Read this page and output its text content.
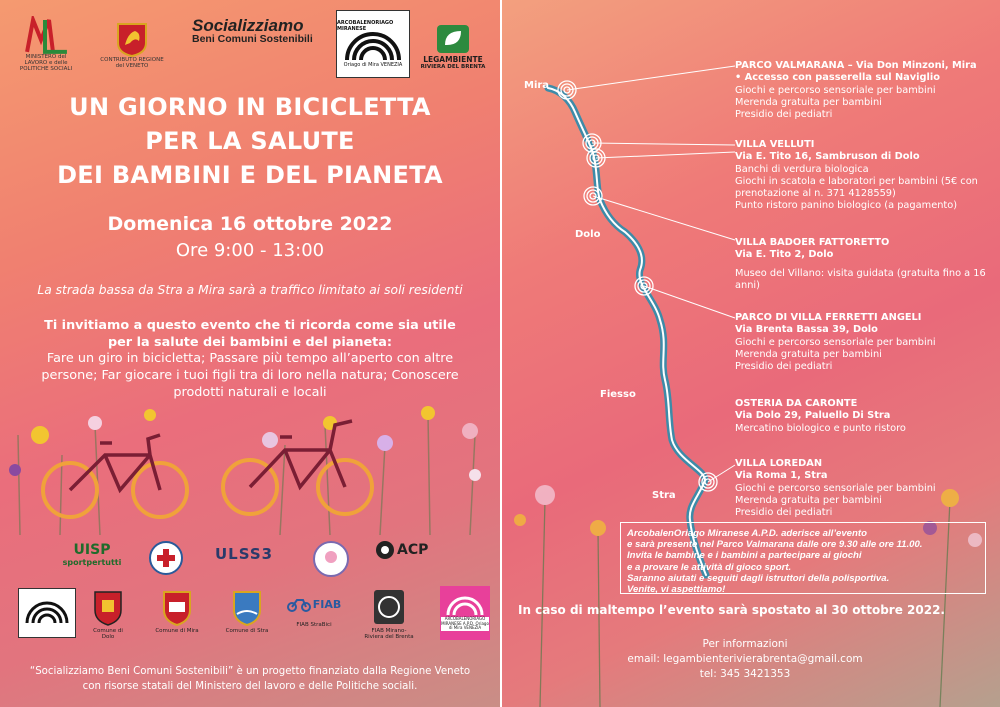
MINISTERO del LAVORO e delle POLITICHE SOCIALI
CONTRIBUTO REGIONE del VENETO
Socializziamo
Beni Comuni Sostenibili
ARCOBALENORIAGO MIRANESE
Oriago di Mira VENEZIA
LEGAMBIENTE
RIVIERA DEL BRENTA
UN GIORNO IN BICICLETTA
PER LA SALUTE
DEI BAMBINI E DEL PIANETA
Domenica 16 ottobre 2022
Ore 9:00 - 13:00
La strada bassa da Stra a Mira sarà a traffico limitato ai soli residenti
Ti invitiamo a questo evento che ti ricorda come sia utile per la salute dei bambini e del pianeta:
Fare un giro in bicicletta; Passare più tempo all’aperto con altre persone; Far giocare i tuoi figli tra di loro nella natura; Conoscere prodotti naturali e locali
UISP
sportpertutti	ULSS3	ACP
Comune di Dolo
Comune di Mira	Comune di Stra
FIAB
FIAB StraBici
FIAB Mirano-Riviera del Brenta
ARCOBALENORIAGO MIRANESE A.P.D. Oriago di Mira VENEZIA
“Socializziamo Beni Comuni Sostenibili” è un progetto finanziato dalla Regione Veneto con risorse statali del Ministero del lavoro e delle Politiche sociali.
Mira
Dolo
Fiesso
Stra
PARCO VALMARANA – Via Don Minzoni, Mira
• Accesso con passerella sul Naviglio
Giochi e percorso sensoriale per bambini
Merenda gratuita per bambini
Presidio dei pediatri
VILLA VELLUTI
Via E. Tito 16, Sambruson di Dolo
Banchi di verdura biologica
Giochi in scatola e laboratori per bambini (5€ con prenotazione al n. 371 4128559)
Punto ristoro panino biologico (a pagamento)
VILLA BADOER FATTORETTO
Via E. Tito 2, Dolo
Museo del Villano: visita guidata (gratuita fino a 16 anni)
PARCO DI VILLA FERRETTI ANGELI
Via Brenta Bassa 39, Dolo
Giochi e percorso sensoriale per bambini
Merenda gratuita per bambini
Presidio dei pediatri
OSTERIA DA CARONTE
Via Dolo 29, Paluello Di Stra
Mercatino biologico e punto ristoro
VILLA LOREDAN
Via Roma 1, Stra
Giochi e percorso sensoriale per bambini
Merenda gratuita per bambini
Presidio dei pediatri
ArcobalenOriago Miranese A.P.D. aderisce all’evento
e sarà presente nel Parco Valmarana dalle ore 9.30 alle ore 11.00.
Invita le bambine e i bambini a partecipare ai giochi
e a provare le attività di gioco sport.
Saranno aiutati e seguiti dagli istruttori della polisportiva.
Venite, vi aspettiamo!
In caso di maltempo l’evento sarà spostato al 30 ottobre 2022.
Per informazioni
email: legambienterivierabrenta@gmail.com
tel: 345 3421353
